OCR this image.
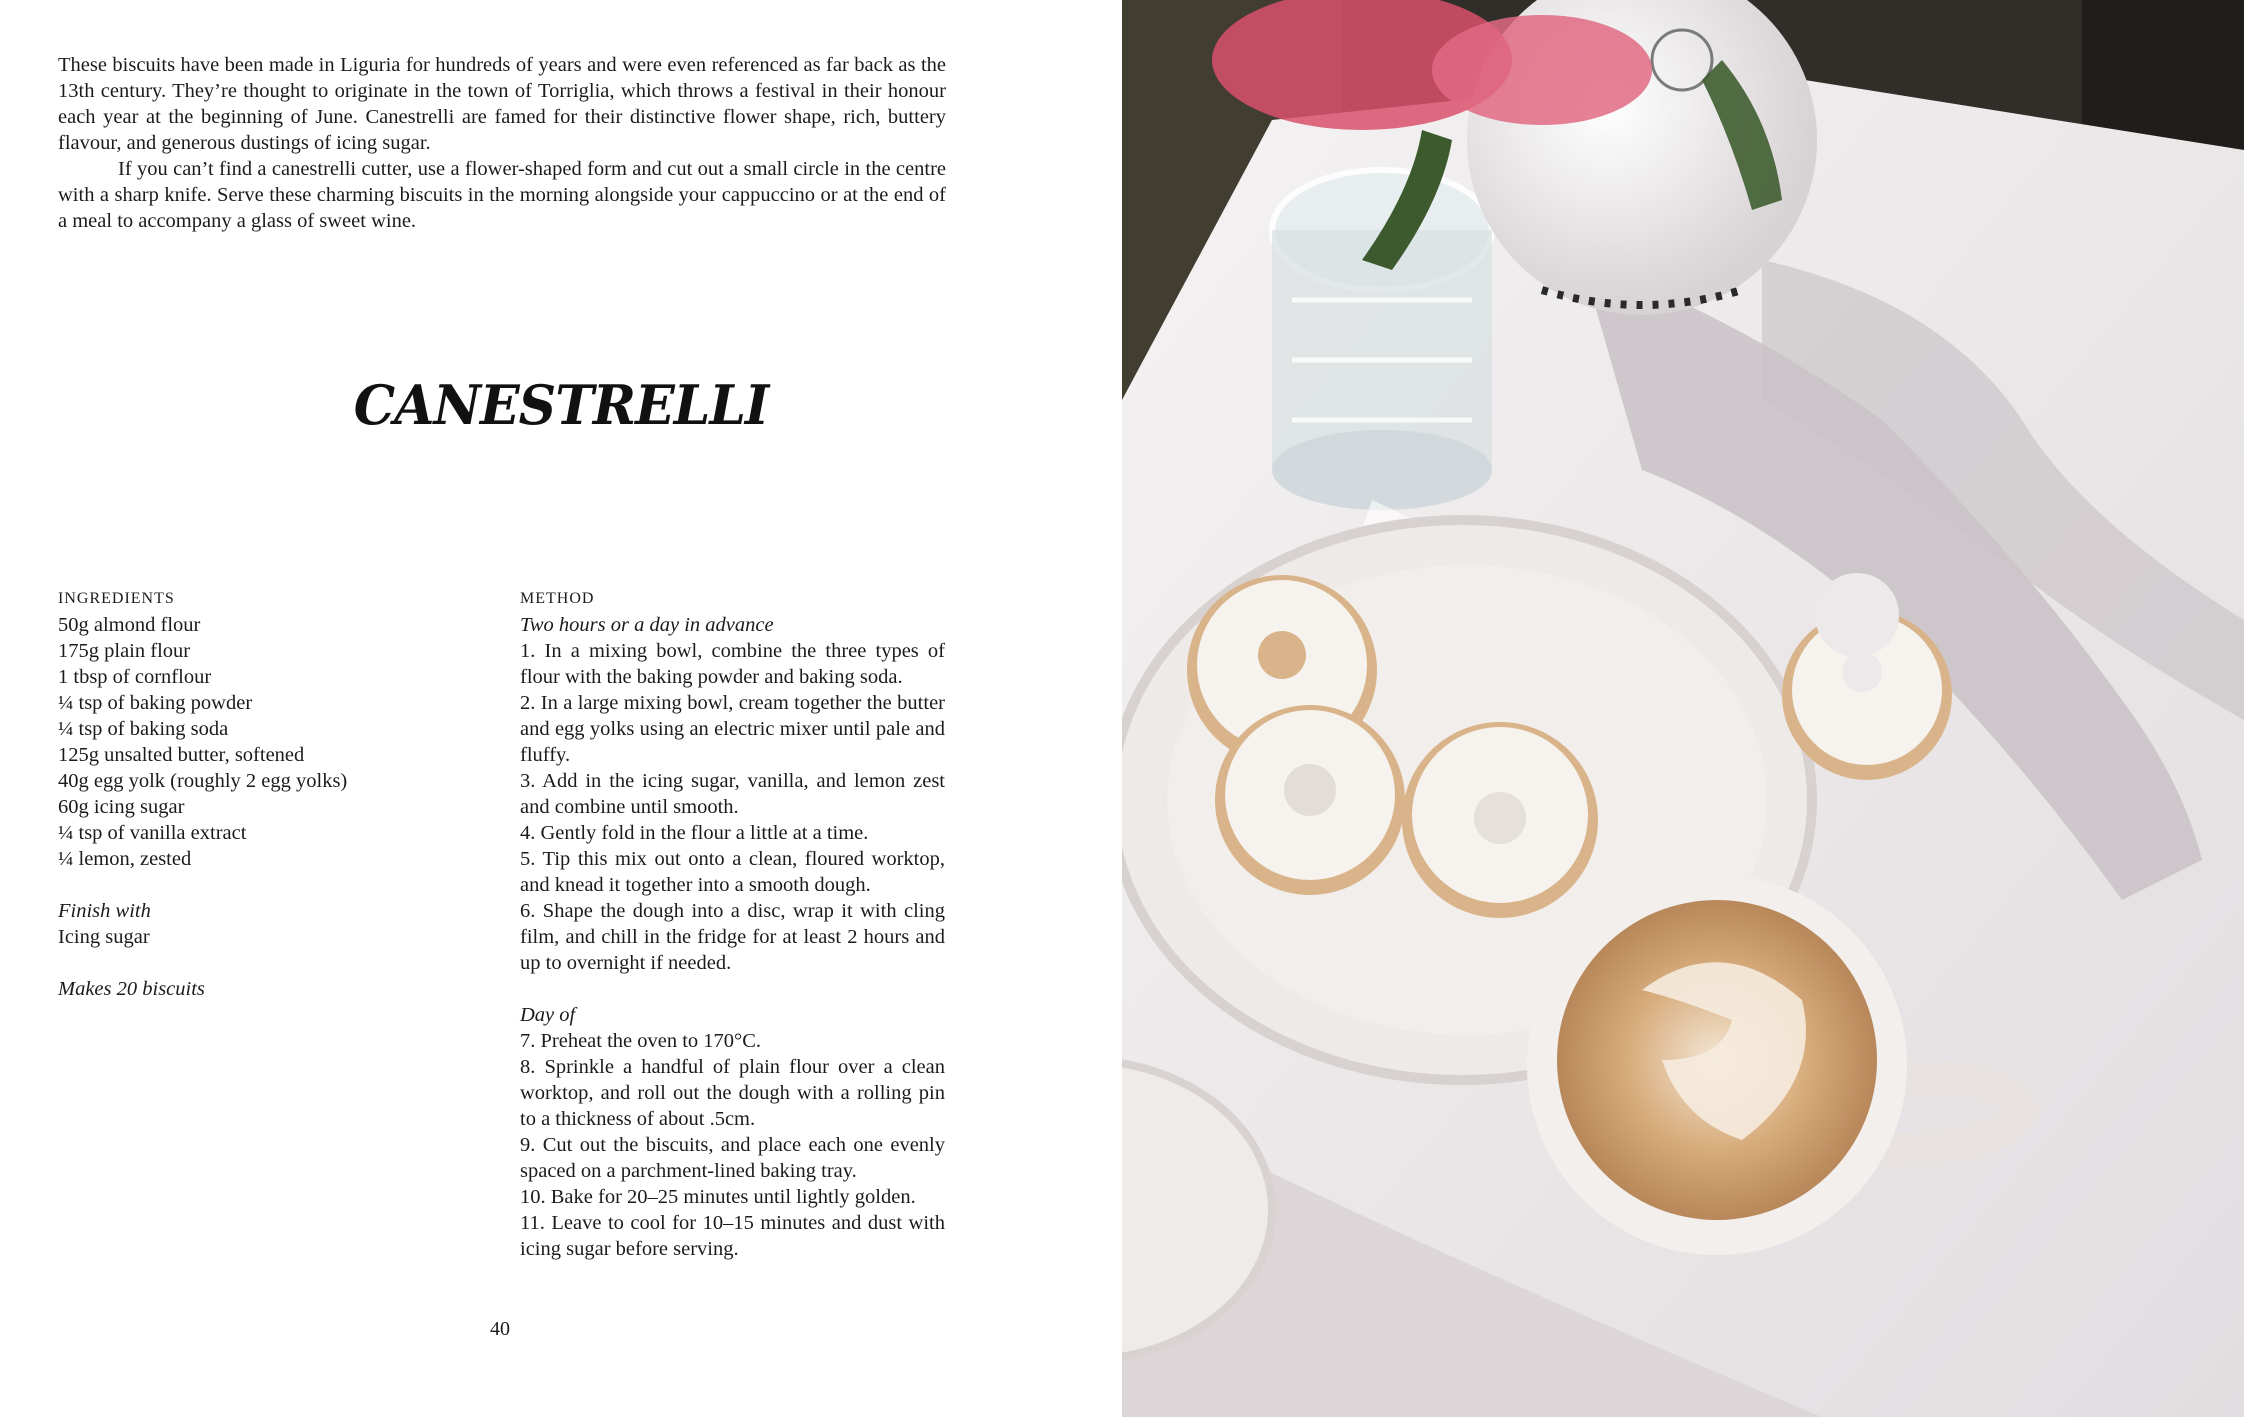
These biscuits have been made in Liguria for hundreds of years and were even referenced as far back as the 13th century. They’re thought to originate in the town of Torriglia, which throws a festival in their honour each year at the beginning of June. Canestrelli are famed for their distinctive flower shape, rich, buttery flavour, and generous dustings of icing sugar.

If you can’t find a canestrelli cutter, use a flower-shaped form and cut out a small circle in the centre with a sharp knife. Serve these charming biscuits in the morning alongside your cappuccino or at the end of a meal to accompany a glass of sweet wine.

CANESTRELLI

INGREDIENTS

50g almond flour
175g plain flour
1 tbsp of cornflour
¼ tsp of baking powder
¼ tsp of baking soda
125g unsalted butter, softened
40g egg yolk (roughly 2 egg yolks)
60g icing sugar
¼ tsp of vanilla extract
¼ lemon, zested

Finish with

Icing sugar

Makes 20 biscuits

METHOD

Two hours or a day in advance

1. In a mixing bowl, combine the three types of flour with the baking powder and baking soda.
2. In a large mixing bowl, cream together the butter and egg yolks using an electric mixer until pale and fluffy.
3. Add in the icing sugar, vanilla, and lemon zest and combine until smooth.
4. Gently fold in the flour a little at a time.
5. Tip this mix out onto a clean, floured worktop, and knead it together into a smooth dough.
6. Shape the dough into a disc, wrap it with cling film, and chill in the fridge for at least 2 hours and up to overnight if needed.

Day of

7. Preheat the oven to 170°C.
8. Sprinkle a handful of plain flour over a clean worktop, and roll out the dough with a rolling pin to a thickness of about .5cm.
9. Cut out the biscuits, and place each one evenly spaced on a parchment-lined baking tray.
10. Bake for 20–25 minutes until lightly golden.
11. Leave to cool for 10–15 minutes and dust with icing sugar before serving.

40
